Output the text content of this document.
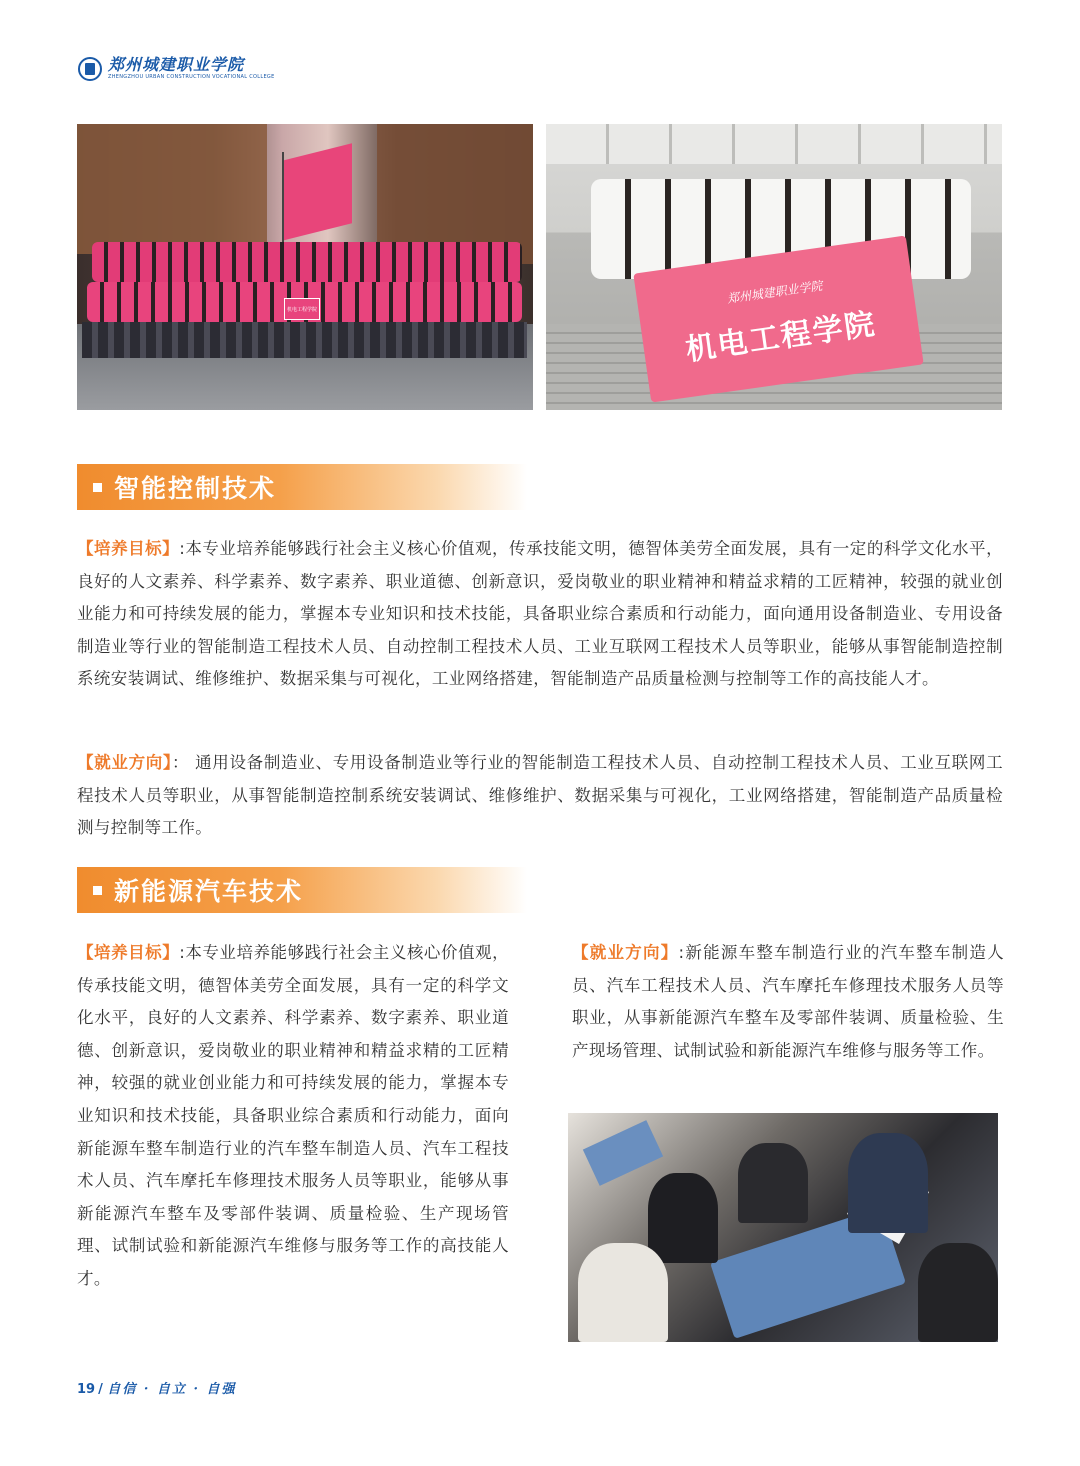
郑州城建职业学院
ZHENGZHOU URBAN CONSTRUCTION VOCATIONAL COLLEGE
机电工程学院
郑州城建职业学院
机电工程学院
智能控制技术
【培养目标】:本专业培养能够践行社会主义核心价值观，传承技能文明，德智体美劳全面发展，具有一定的科学文化水平，良好的人文素养、科学素养、数字素养、职业道德、创新意识，爱岗敬业的职业精神和精益求精的工匠精神，较强的就业创业能力和可持续发展的能力，掌握本专业知识和技术技能，具备职业综合素质和行动能力，面向通用设备制造业、专用设备制造业等行业的智能制造工程技术人员、自动控制工程技术人员、工业互联网工程技术人员等职业，能够从事智能制造控制系统安装调试、维修维护、数据采集与可视化，工业网络搭建，智能制造产品质量检测与控制等工作的高技能人才。
【就业方向】： 通用设备制造业、专用设备制造业等行业的智能制造工程技术人员、自动控制工程技术人员、工业互联网工程技术人员等职业，从事智能制造控制系统安装调试、维修维护、数据采集与可视化，工业网络搭建，智能制造产品质量检测与控制等工作。
新能源汽车技术
【培养目标】:本专业培养能够践行社会主义核心价值观，传承技能文明，德智体美劳全面发展，具有一定的科学文化水平，良好的人文素养、科学素养、数字素养、职业道德、创新意识，爱岗敬业的职业精神和精益求精的工匠精神，较强的就业创业能力和可持续发展的能力，掌握本专业知识和技术技能，具备职业综合素质和行动能力，面向新能源车整车制造行业的汽车整车制造人员、汽车工程技术人员、汽车摩托车修理技术服务人员等职业，能够从事新能源汽车整车及零部件装调、质量检验、生产现场管理、试制试验和新能源汽车维修与服务等工作的高技能人才。
【就业方向】:新能源车整车制造行业的汽车整车制造人员、汽车工程技术人员、汽车摩托车修理技术服务人员等职业，从事新能源汽车整车及零部件装调、质量检验、生产现场管理、试制试验和新能源汽车维修与服务等工作。
19 / 自信 · 自立 · 自强
